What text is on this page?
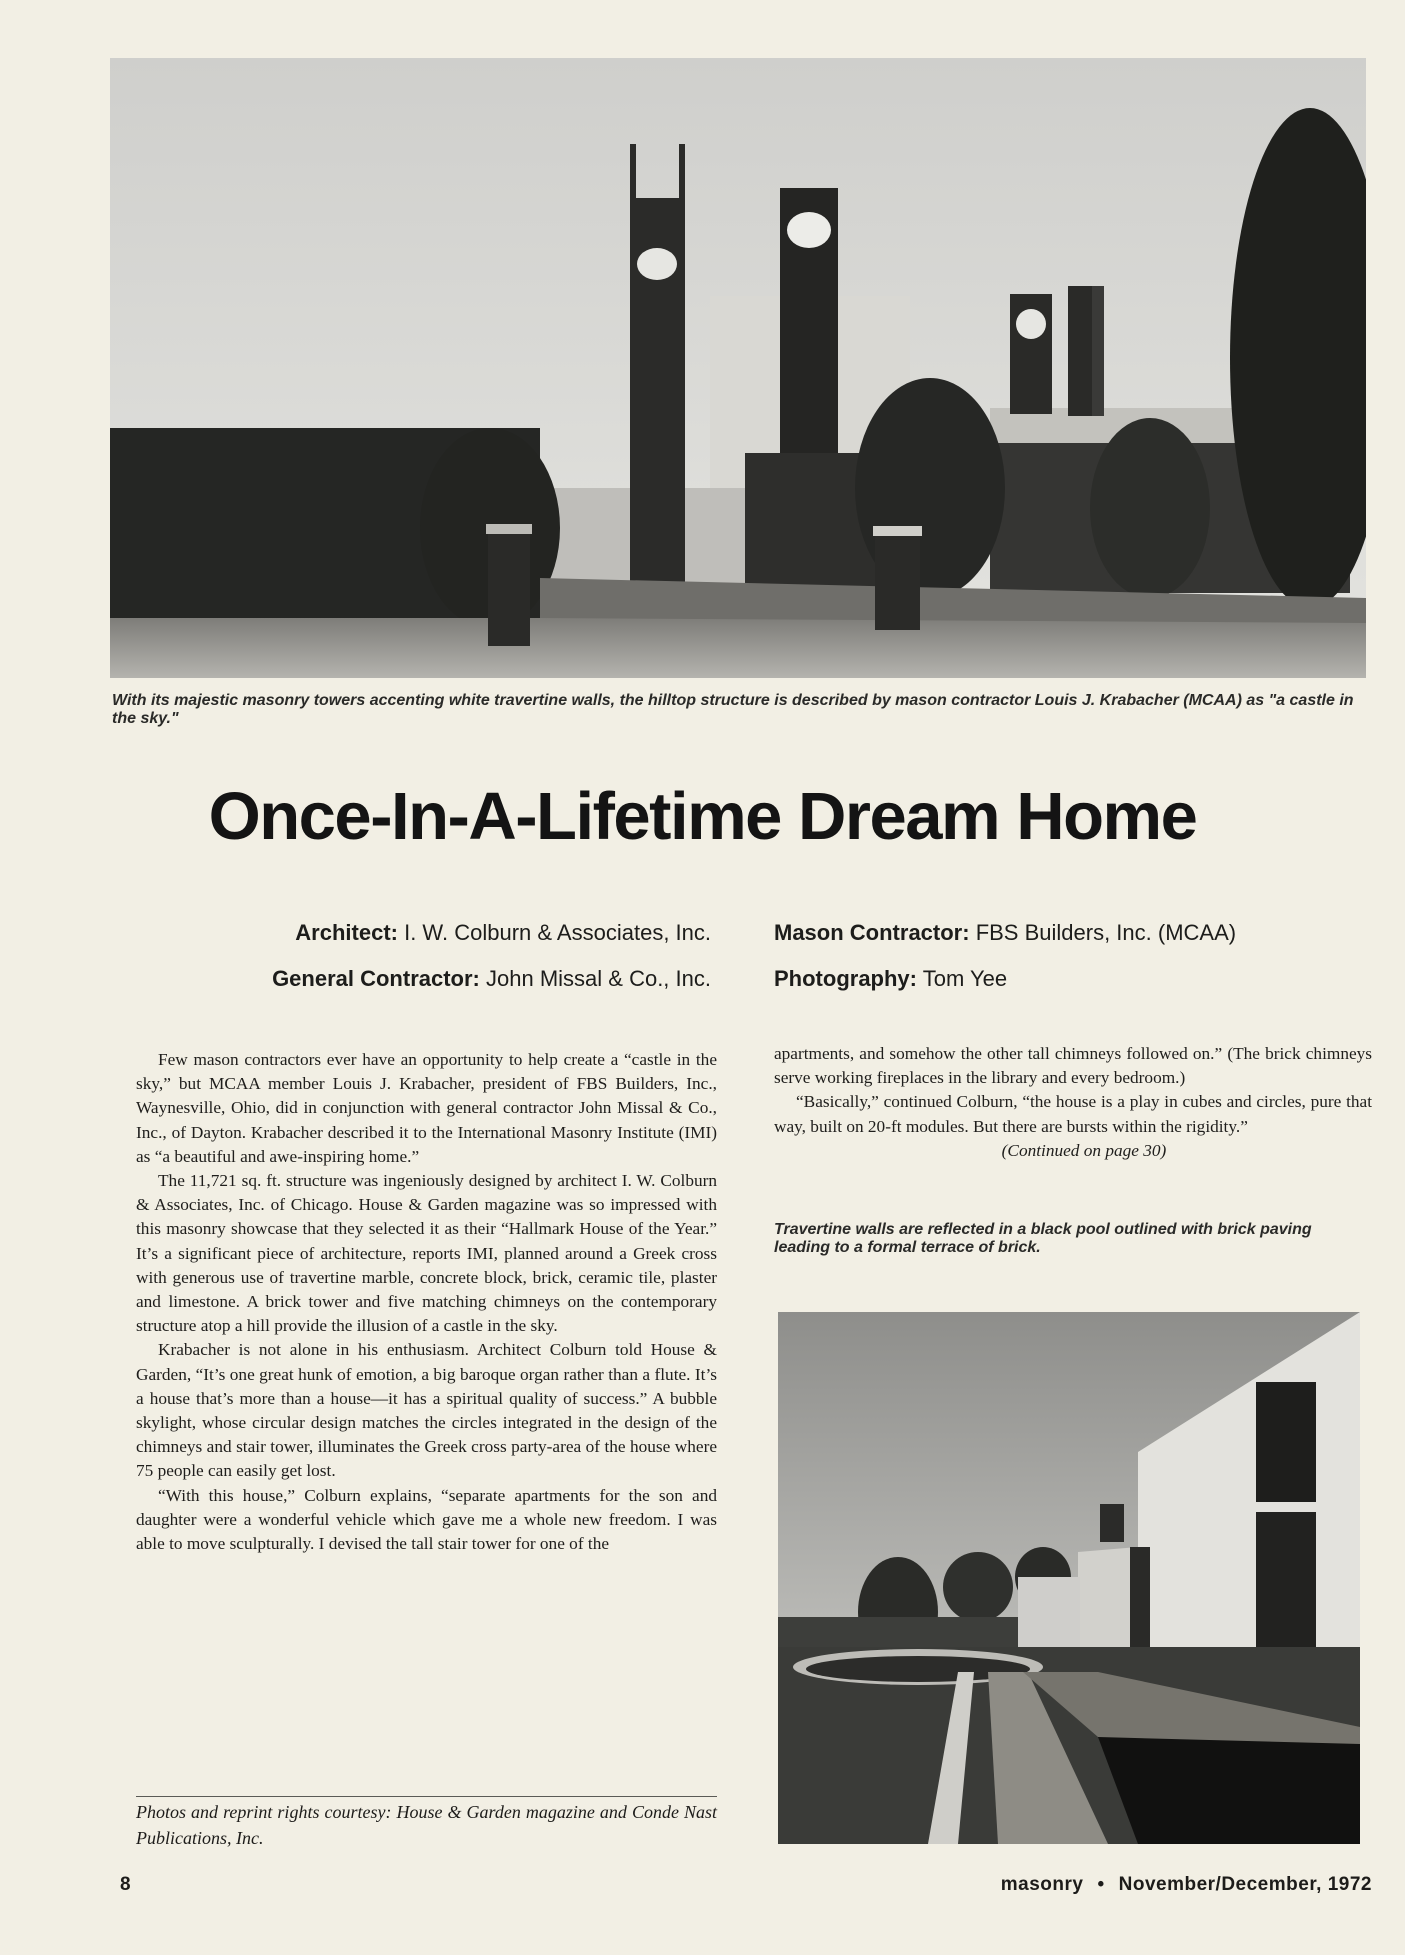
With its majestic masonry towers accenting white travertine walls, the hilltop structure is described by mason contractor Louis J. Krabacher (MCAA) as "a castle in the sky."

Once-In-A-Lifetime Dream Home
Architect: I. W. Colburn & Associates, Inc.
General Contractor: John Missal & Co., Inc.
Mason Contractor: FBS Builders, Inc. (MCAA)
Photography: Tom Yee

Few mason contractors ever have an opportunity to help create a “castle in the sky,” but MCAA member Louis J. Krabacher, president of FBS Builders, Inc., Waynesville, Ohio, did in conjunction with general contractor John Missal & Co., Inc., of Dayton. Krabacher described it to the International Masonry Institute (IMI) as “a beautiful and awe-inspiring home.”

The 11,721 sq. ft. structure was ingeniously designed by architect I. W. Colburn & Associates, Inc. of Chicago. House & Garden magazine was so impressed with this masonry showcase that they selected it as their “Hallmark House of the Year.” It’s a significant piece of architecture, reports IMI, planned around a Greek cross with generous use of travertine marble, concrete block, brick, ceramic tile, plaster and limestone. A brick tower and five matching chimneys on the contemporary structure atop a hill provide the illusion of a castle in the sky.

Krabacher is not alone in his enthusiasm. Architect Colburn told House & Garden, “It’s one great hunk of emotion, a big baroque organ rather than a flute. It’s a house that’s more than a house—it has a spiritual quality of success.” A bubble skylight, whose circular design matches the circles integrated in the design of the chimneys and stair tower, illuminates the Greek cross party-area of the house where 75 people can easily get lost.

“With this house,” Colburn explains, “separate apartments for the son and daughter were a wonderful vehicle which gave me a whole new freedom. I was able to move sculpturally. I devised the tall stair tower for one of the

Photos and reprint rights courtesy: House & Garden magazine and Conde Nast Publications, Inc.

apartments, and somehow the other tall chimneys followed on.” (The brick chimneys serve working fireplaces in the library and every bedroom.)

“Basically,” continued Colburn, “the house is a play in cubes and circles, pure that way, built on 20-ft modules. But there are bursts within the rigidity.”

(Continued on page 30)

Travertine walls are reflected in a black pool outlined with brick paving leading to a formal terrace of brick.

8	masonry • November/December, 1972
